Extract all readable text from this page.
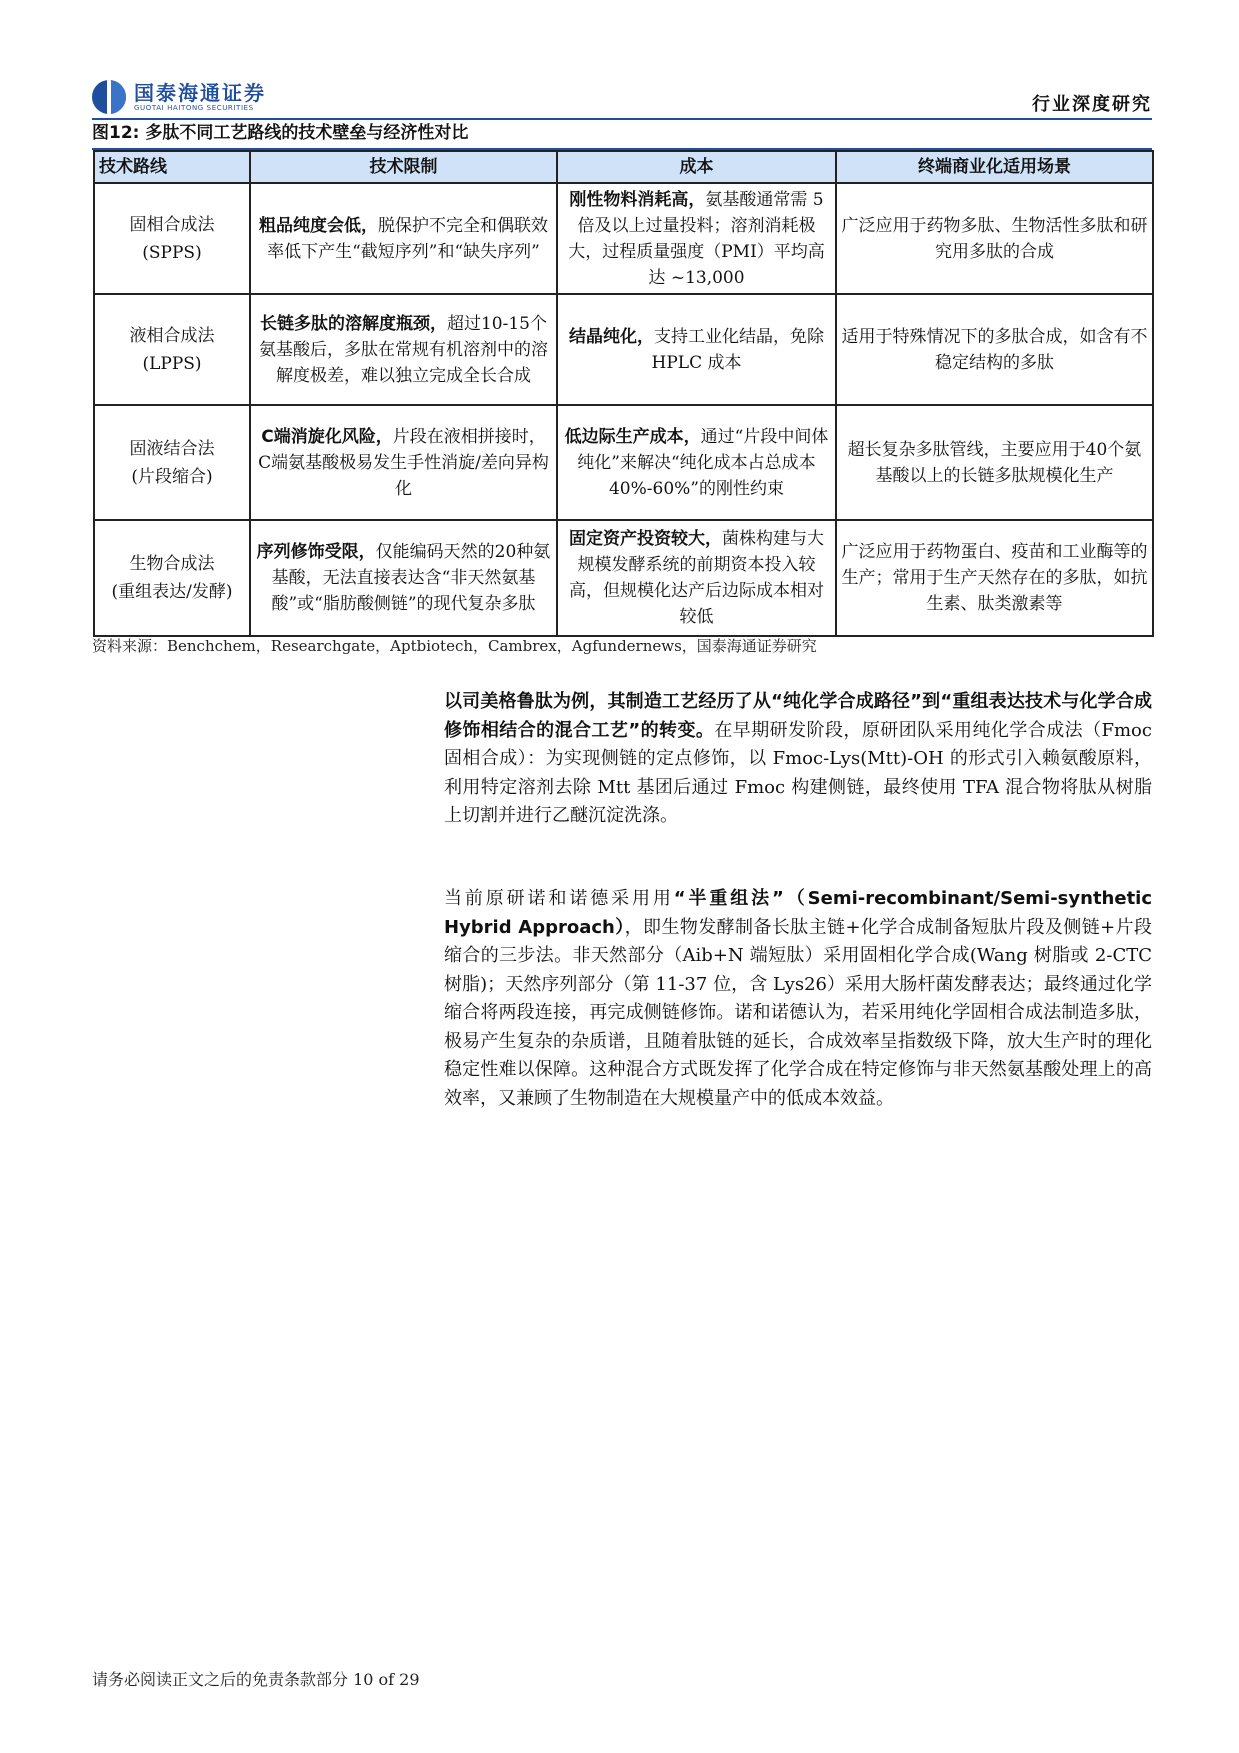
国泰海通证券
GUOTAI HAITONG SECURITIES	行业深度研究
图12: 多肽不同工艺路线的技术壁垒与经济性对比
技术路线	技术限制	成本	终端商业化适用场景
固相合成法
(SPPS)	粗品纯度会低，脱保护不完全和偶联效率低下产生“截短序列”和“缺失序列”	刚性物料消耗高，氨基酸通常需 5倍及以上过量投料；溶剂消耗极大，过程质量强度（PMI）平均高达 ~13,000	广泛应用于药物多肽、生物活性多肽和研究用多肽的合成
液相合成法
(LPPS)	长链多肽的溶解度瓶颈，超过10-15个氨基酸后，多肽在常规有机溶剂中的溶解度极差，难以独立完成全长合成	结晶纯化，支持工业化结晶，免除 HPLC 成本	适用于特殊情况下的多肽合成，如含有不稳定结构的多肽
固液结合法
(片段缩合)	C端消旋化风险，片段在液相拼接时，C端氨基酸极易发生手性消旋/差向异构化	低边际生产成本，通过“片段中间体纯化”来解决“纯化成本占总成本 40%-60%”的刚性约束	超长复杂多肽管线，主要应用于40个氨基酸以上的长链多肽规模化生产
生物合成法
(重组表达/发酵)	序列修饰受限，仅能编码天然的20种氨基酸，无法直接表达含“非天然氨基酸”或“脂肪酸侧链”的现代复杂多肽	固定资产投资较大，菌株构建与大规模发酵系统的前期资本投入较高，但规模化达产后边际成本相对较低	广泛应用于药物蛋白、疫苗和工业酶等的生产；常用于生产天然存在的多肽，如抗生素、肽类激素等
资料来源：Benchchem，Researchgate，Aptbiotech，Cambrex，Agfundernews，国泰海通证券研究
以司美格鲁肽为例，其制造工艺经历了从“纯化学合成路径”到“重组表达技术与化学合成修饰相结合的混合工艺”的转变。在早期研发阶段，原研团队采用纯化学合成法（Fmoc 固相合成）：为实现侧链的定点修饰，以 Fmoc-Lys(Mtt)-OH 的形式引入赖氨酸原料，利用特定溶剂去除 Mtt 基团后通过 Fmoc 构建侧链，最终使用 TFA 混合物将肽从树脂上切割并进行乙醚沉淀洗涤。
当前原研诺和诺德采用用“半重组法”（Semi-recombinant/Semi-synthetic Hybrid Approach），即生物发酵制备长肽主链+化学合成制备短肽片段及侧链+片段缩合的三步法。非天然部分（Aib+N 端短肽）采用固相化学合成(Wang 树脂或 2-CTC 树脂)；天然序列部分（第 11-37 位，含 Lys26）采用大肠杆菌发酵表达；最终通过化学缩合将两段连接，再完成侧链修饰。诺和诺德认为，若采用纯化学固相合成法制造多肽，极易产生复杂的杂质谱，且随着肽链的延长，合成效率呈指数级下降，放大生产时的理化稳定性难以保障。这种混合方式既发挥了化学合成在特定修饰与非天然氨基酸处理上的高效率，又兼顾了生物制造在大规模量产中的低成本效益。
请务必阅读正文之后的免责条款部分 10 of 29
